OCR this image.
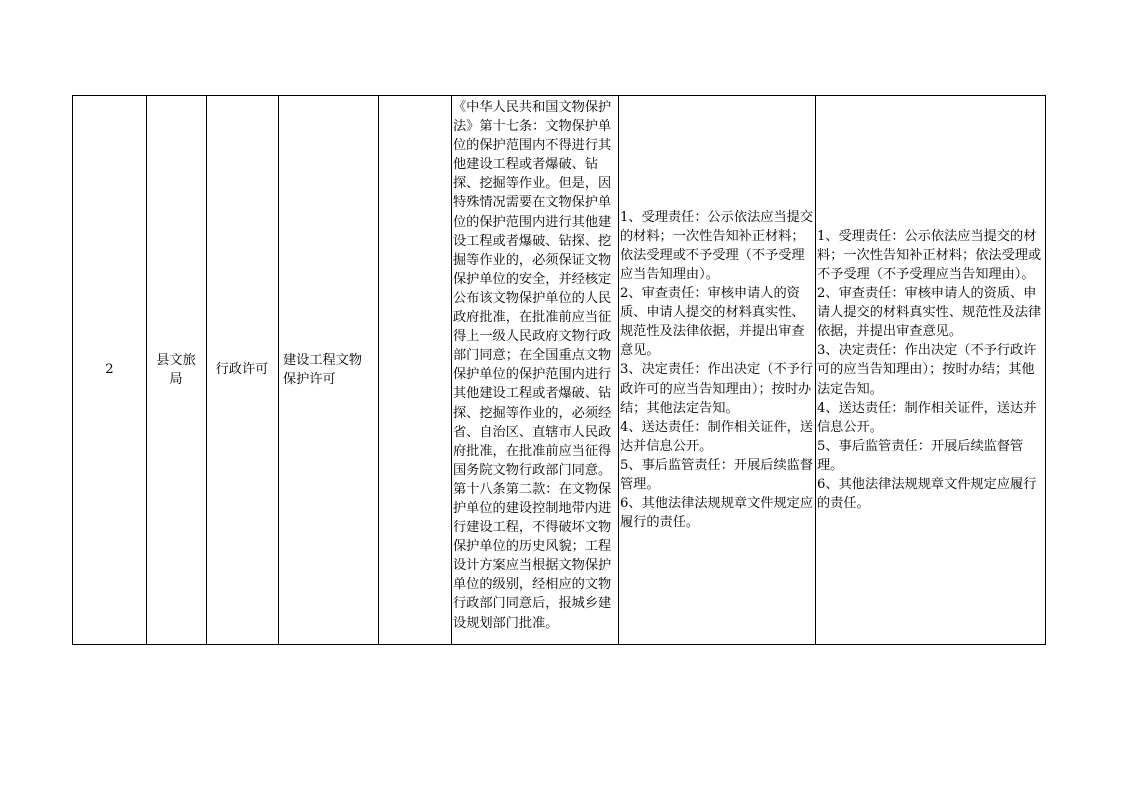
2
县文旅局
行政许可
建设工程文物保护许可

《中华人民共和国文物保护法》第十七条：文物保护单位的保护范围内不得进行其他建设工程或者爆破、钻探、挖掘等作业。但是，因特殊情况需要在文物保护单位的保护范围内进行其他建设工程或者爆破、钻探、挖掘等作业的，必须保证文物保护单位的安全，并经核定公布该文物保护单位的人民政府批准，在批准前应当征得上一级人民政府文物行政部门同意；在全国重点文物保护单位的保护范围内进行其他建设工程或者爆破、钻探、挖掘等作业的，必须经省、自治区、直辖市人民政府批准，在批准前应当征得国务院文物行政部门同意。

第十八条第二款：在文物保护单位的建设控制地带内进行建设工程，不得破坏文物保护单位的历史风貌；工程设计方案应当根据文物保护单位的级别，经相应的文物行政部门同意后，报城乡建设规划部门批准。

1、受理责任：公示依法应当提交的材料；一次性告知补正材料；依法受理或不予受理（不予受理应当告知理由）。
2、审查责任：审核申请人的资质、申请人提交的材料真实性、规范性及法律依据，并提出审查意见。
3、决定责任：作出决定（不予行政许可的应当告知理由）；按时办结；其他法定告知。
4、送达责任：制作相关证件，送达并信息公开。
5、事后监管责任：开展后续监督管理。
6、其他法律法规规章文件规定应履行的责任。

1、受理责任：公示依法应当提交的材料；一次性告知补正材料；依法受理或不予受理（不予受理应当告知理由）。
2、审查责任：审核申请人的资质、申请人提交的材料真实性、规范性及法律依据，并提出审查意见。
3、决定责任：作出决定（不予行政许可的应当告知理由）；按时办结；其他法定告知。
4、送达责任：制作相关证件，送达并信息公开。
5、事后监管责任：开展后续监督管理。
6、其他法律法规规章文件规定应履行的责任。
